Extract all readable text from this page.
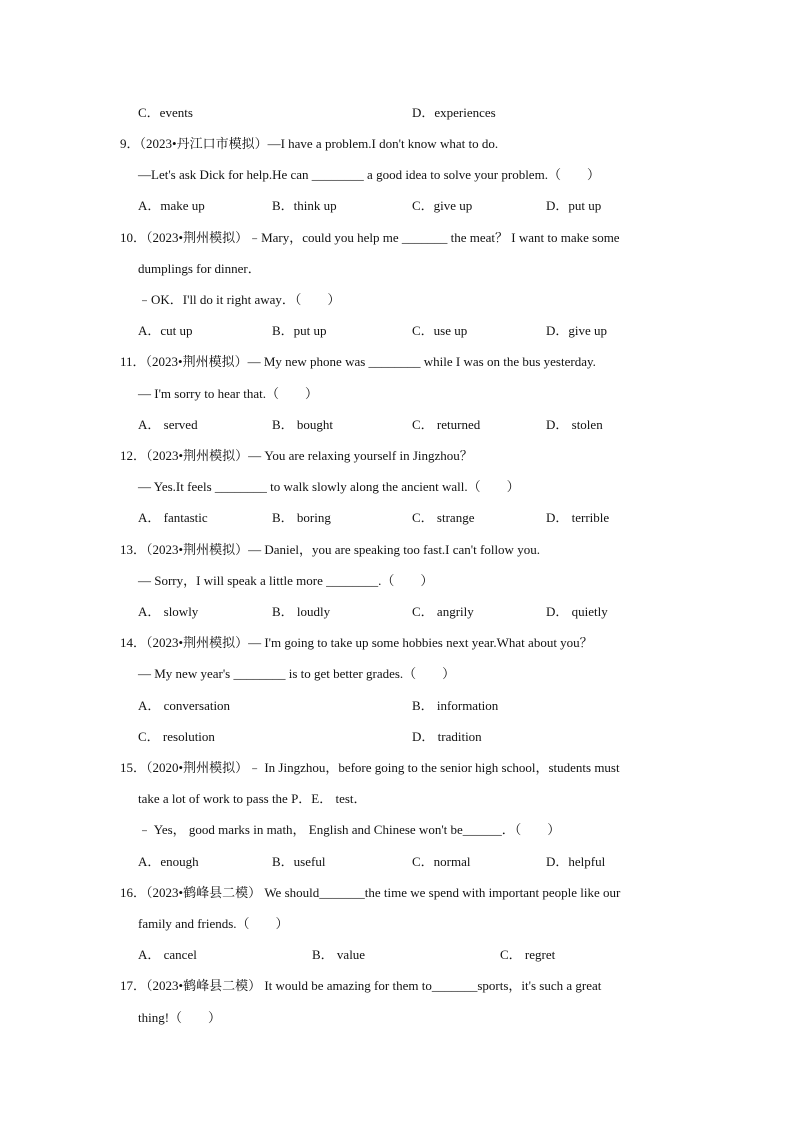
C．events	D．experiences
9．（2023•丹江口市模拟）—I have a problem.I don't know what to do.
—Let's ask Dick for help.He can ________ a good idea to solve your problem.（　　）
A．make up	B．think up	C．give up	D．put up
10．（2023•荆州模拟）﹣Mary，could you help me _______ the meat？ I want to make some
dumplings for dinner．
﹣OK．I'll do it right away．（　　）
A．cut up	B．put up	C．use up	D．give up
11．（2023•荆州模拟）— My new phone was ________ while I was on the bus yesterday.
— I'm sorry to hear that.（　　）
A． served	B． bought	C． returned	D． stolen
12．（2023•荆州模拟）— You are relaxing yourself in Jingzhou？
— Yes.It feels ________ to walk slowly along the ancient wall.（　　）
A． fantastic	B． boring	C． strange	D． terrible
13．（2023•荆州模拟）— Daniel，you are speaking too fast.I can't follow you.
— Sorry，I will speak a little more ________.（　　）
A． slowly	B． loudly	C． angrily	D． quietly
14．（2023•荆州模拟）— I'm going to take up some hobbies next year.What about you？
— My new year's ________ is to get better grades.（　　）
A． conversation	B． information
C． resolution	D． tradition
15．（2020•荆州模拟）﹣ In Jingzhou，before going to the senior high school，students must
take a lot of work to pass the P．E． test．
﹣ Yes， good marks in math， English and Chinese won't be______．（　　）
A．enough	B．useful	C．normal	D．helpful
16．（2023•鹤峰县二模） We should_______the time we spend with important people like our
family and friends.（　　）
A． cancel	B． value	C． regret
17．（2023•鹤峰县二模） It would be amazing for them to_______sports，it's such a great
thing!（　　）
